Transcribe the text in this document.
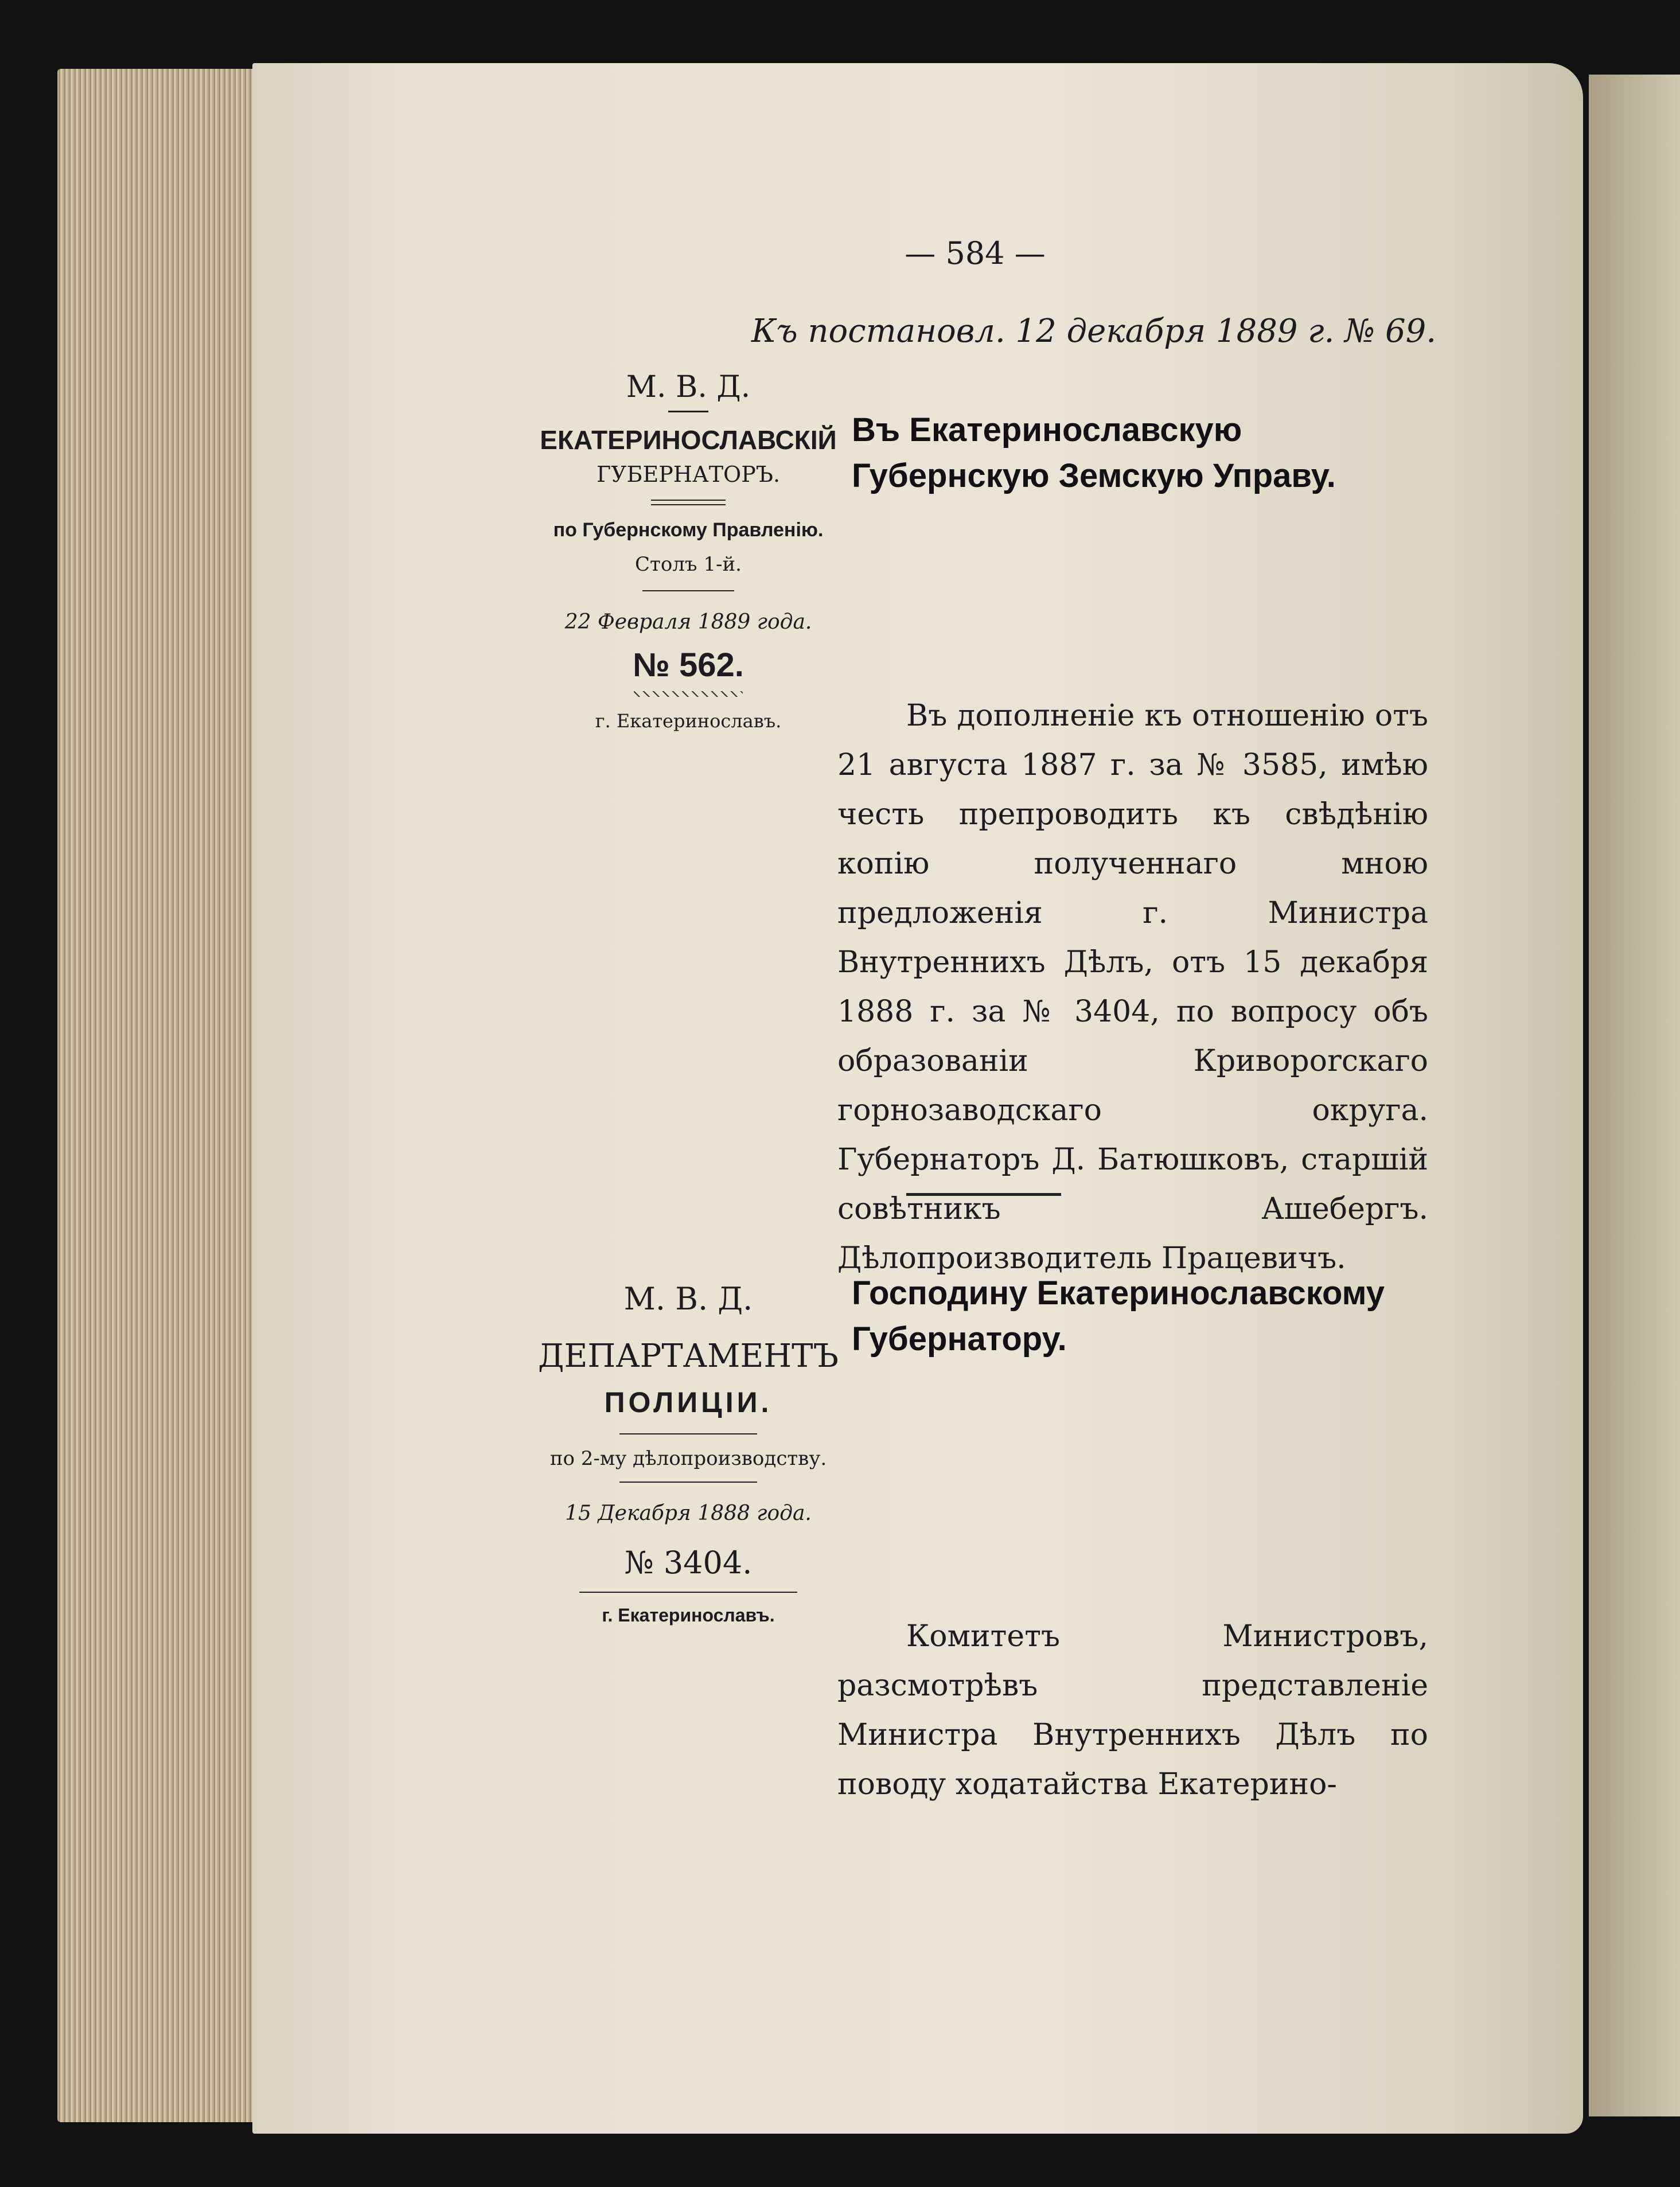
— 584 —
Къ постановл. 12 декабря 1889 г. № 69.
М. В. Д.
ЕКАТЕРИНОСЛАВСКІЙ
ГУБЕРНАТОРЪ.
по Губернскому Правленію.
Столъ 1-й.
22 Февраля 1889 года.
№ 562.
г. Екатеринославъ.
Въ Екатеринославскую Губернскую Земскую Управу.

Въ дополненіе къ отношенію отъ 21 августа 1887 г. за № 3585, имѣю честь препроводить къ свѣдѣнію копію полученнаго мною предложенія г. Министра Внутреннихъ Дѣлъ, отъ 15 декабря 1888 г. за № 3404, по вопросу объ образованіи Кривороrскаго горнозаводскаго округа. Губернаторъ Д. Батюшковъ, старшій совѣтникъ Ашебергъ. Дѣлопроизводитель Працевичъ.

М. В. Д.
ДЕПАРТАМЕНТЪ
ПОЛИЦІИ.
по 2-му дѣлопроизводству.
15 Декабря 1888 года.
№ 3404.
г. Екатеринославъ.
Господину Екатеринославскому Губернатору.

Комитетъ Министровъ, разсмотрѣвъ представленіе Министра Внутреннихъ Дѣлъ по поводу ходатайства Екатерино-
